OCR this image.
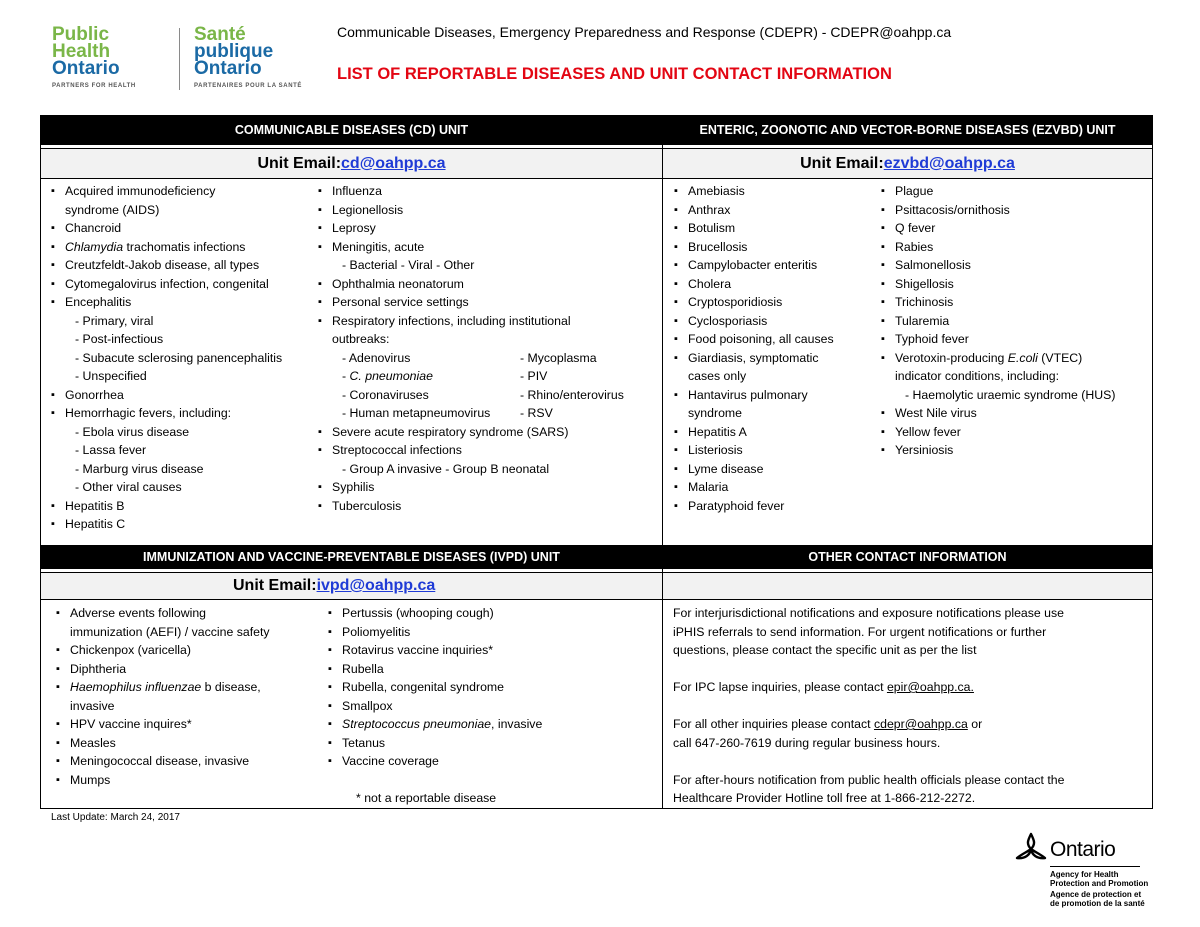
Public
Health
Ontario
PARTNERS FOR HEALTH
Santé
publique
Ontario
PARTENAIRES POUR LA SANTÉ
Communicable Diseases, Emergency Preparedness and Response (CDEPR) - CDEPR@oahpp.ca
LIST OF REPORTABLE DISEASES AND UNIT CONTACT INFORMATION
COMMUNICABLE DISEASES (CD) UNIT	ENTERIC, ZOONOTIC AND VECTOR-BORNE DISEASES (EZVBD) UNIT
Unit Email: cd@oahpp.ca	Unit Email: ezvbd@oahpp.ca
IMMUNIZATION AND VACCINE-PREVENTABLE DISEASES (IVPD) UNIT	OTHER CONTACT INFORMATION
Unit Email: ivpd@oahpp.ca
▪ Acquired immunodeficiency
syndrome (AIDS)
▪ Chancroid
▪ Chlamydia trachomatis infections
▪ Creutzfeldt-Jakob disease, all types
▪ Cytomegalovirus infection, congenital
▪ Encephalitis
- Primary, viral
- Post-infectious
- Subacute sclerosing panencephalitis
- Unspecified
▪ Gonorrhea
▪ Hemorrhagic fevers, including:
- Ebola virus disease
- Lassa fever
- Marburg virus disease
- Other viral causes
▪ Hepatitis B
▪ Hepatitis C
▪ Influenza
▪ Legionellosis
▪ Leprosy
▪ Meningitis, acute
- Bacterial - Viral - Other
▪ Ophthalmia neonatorum
▪ Personal service settings
▪ Respiratory infections, including institutional
outbreaks:
- Adenovirus	- Mycoplasma
- C. pneumoniae	- PIV
- Coronaviruses	- Rhino/enterovirus
- Human metapneumovirus - RSV
▪ Severe acute respiratory syndrome (SARS)
▪ Streptococcal infections
- Group A invasive - Group B neonatal
▪ Syphilis
▪ Tuberculosis
▪ Amebiasis
▪ Anthrax
▪ Botulism
▪ Brucellosis
▪ Campylobacter enteritis
▪ Cholera
▪ Cryptosporidiosis
▪ Cyclosporiasis
▪ Food poisoning, all causes
▪ Giardiasis, symptomatic
cases only
▪ Hantavirus pulmonary
syndrome
▪ Hepatitis A
▪ Listeriosis
▪ Lyme disease
▪ Malaria
▪ Paratyphoid fever
▪ Plague
▪ Psittacosis/ornithosis
▪ Q fever
▪ Rabies
▪ Salmonellosis
▪ Shigellosis
▪ Trichinosis
▪ Tularemia
▪ Typhoid fever
▪ Verotoxin-producing E.coli (VTEC)
indicator conditions, including:
- Haemolytic uraemic syndrome (HUS)
▪ West Nile virus
▪ Yellow fever
▪ Yersiniosis
▪ Adverse events following
immunization (AEFI) / vaccine safety
▪ Chickenpox (varicella)
▪ Diphtheria
▪ Haemophilus influenzae b disease,
invasive
▪ HPV vaccine inquires*
▪ Measles
▪ Meningococcal disease, invasive
▪ Mumps
▪ Pertussis (whooping cough)
▪ Poliomyelitis
▪ Rotavirus vaccine inquiries*
▪ Rubella
▪ Rubella, congenital syndrome
▪ Smallpox
▪ Streptococcus pneumoniae, invasive
▪ Tetanus
▪ Vaccine coverage
* not a reportable disease

For interjurisdictional notifications and exposure notifications please use

iPHIS referrals to send information. For urgent notifications or further

questions, please contact the specific unit as per the list

For IPC lapse inquiries, please contact epir@oahpp.ca.

For all other inquiries please contact cdepr@oahpp.ca or

call 647-260-7619 during regular business hours.

For after-hours notification from public health officials please contact the

Healthcare Provider Hotline toll free at 1-866-212-2272.

Last Update: March 24, 2017
Ontario
Agency for Health
Protection and Promotion
Agence de protection et
de promotion de la santé
